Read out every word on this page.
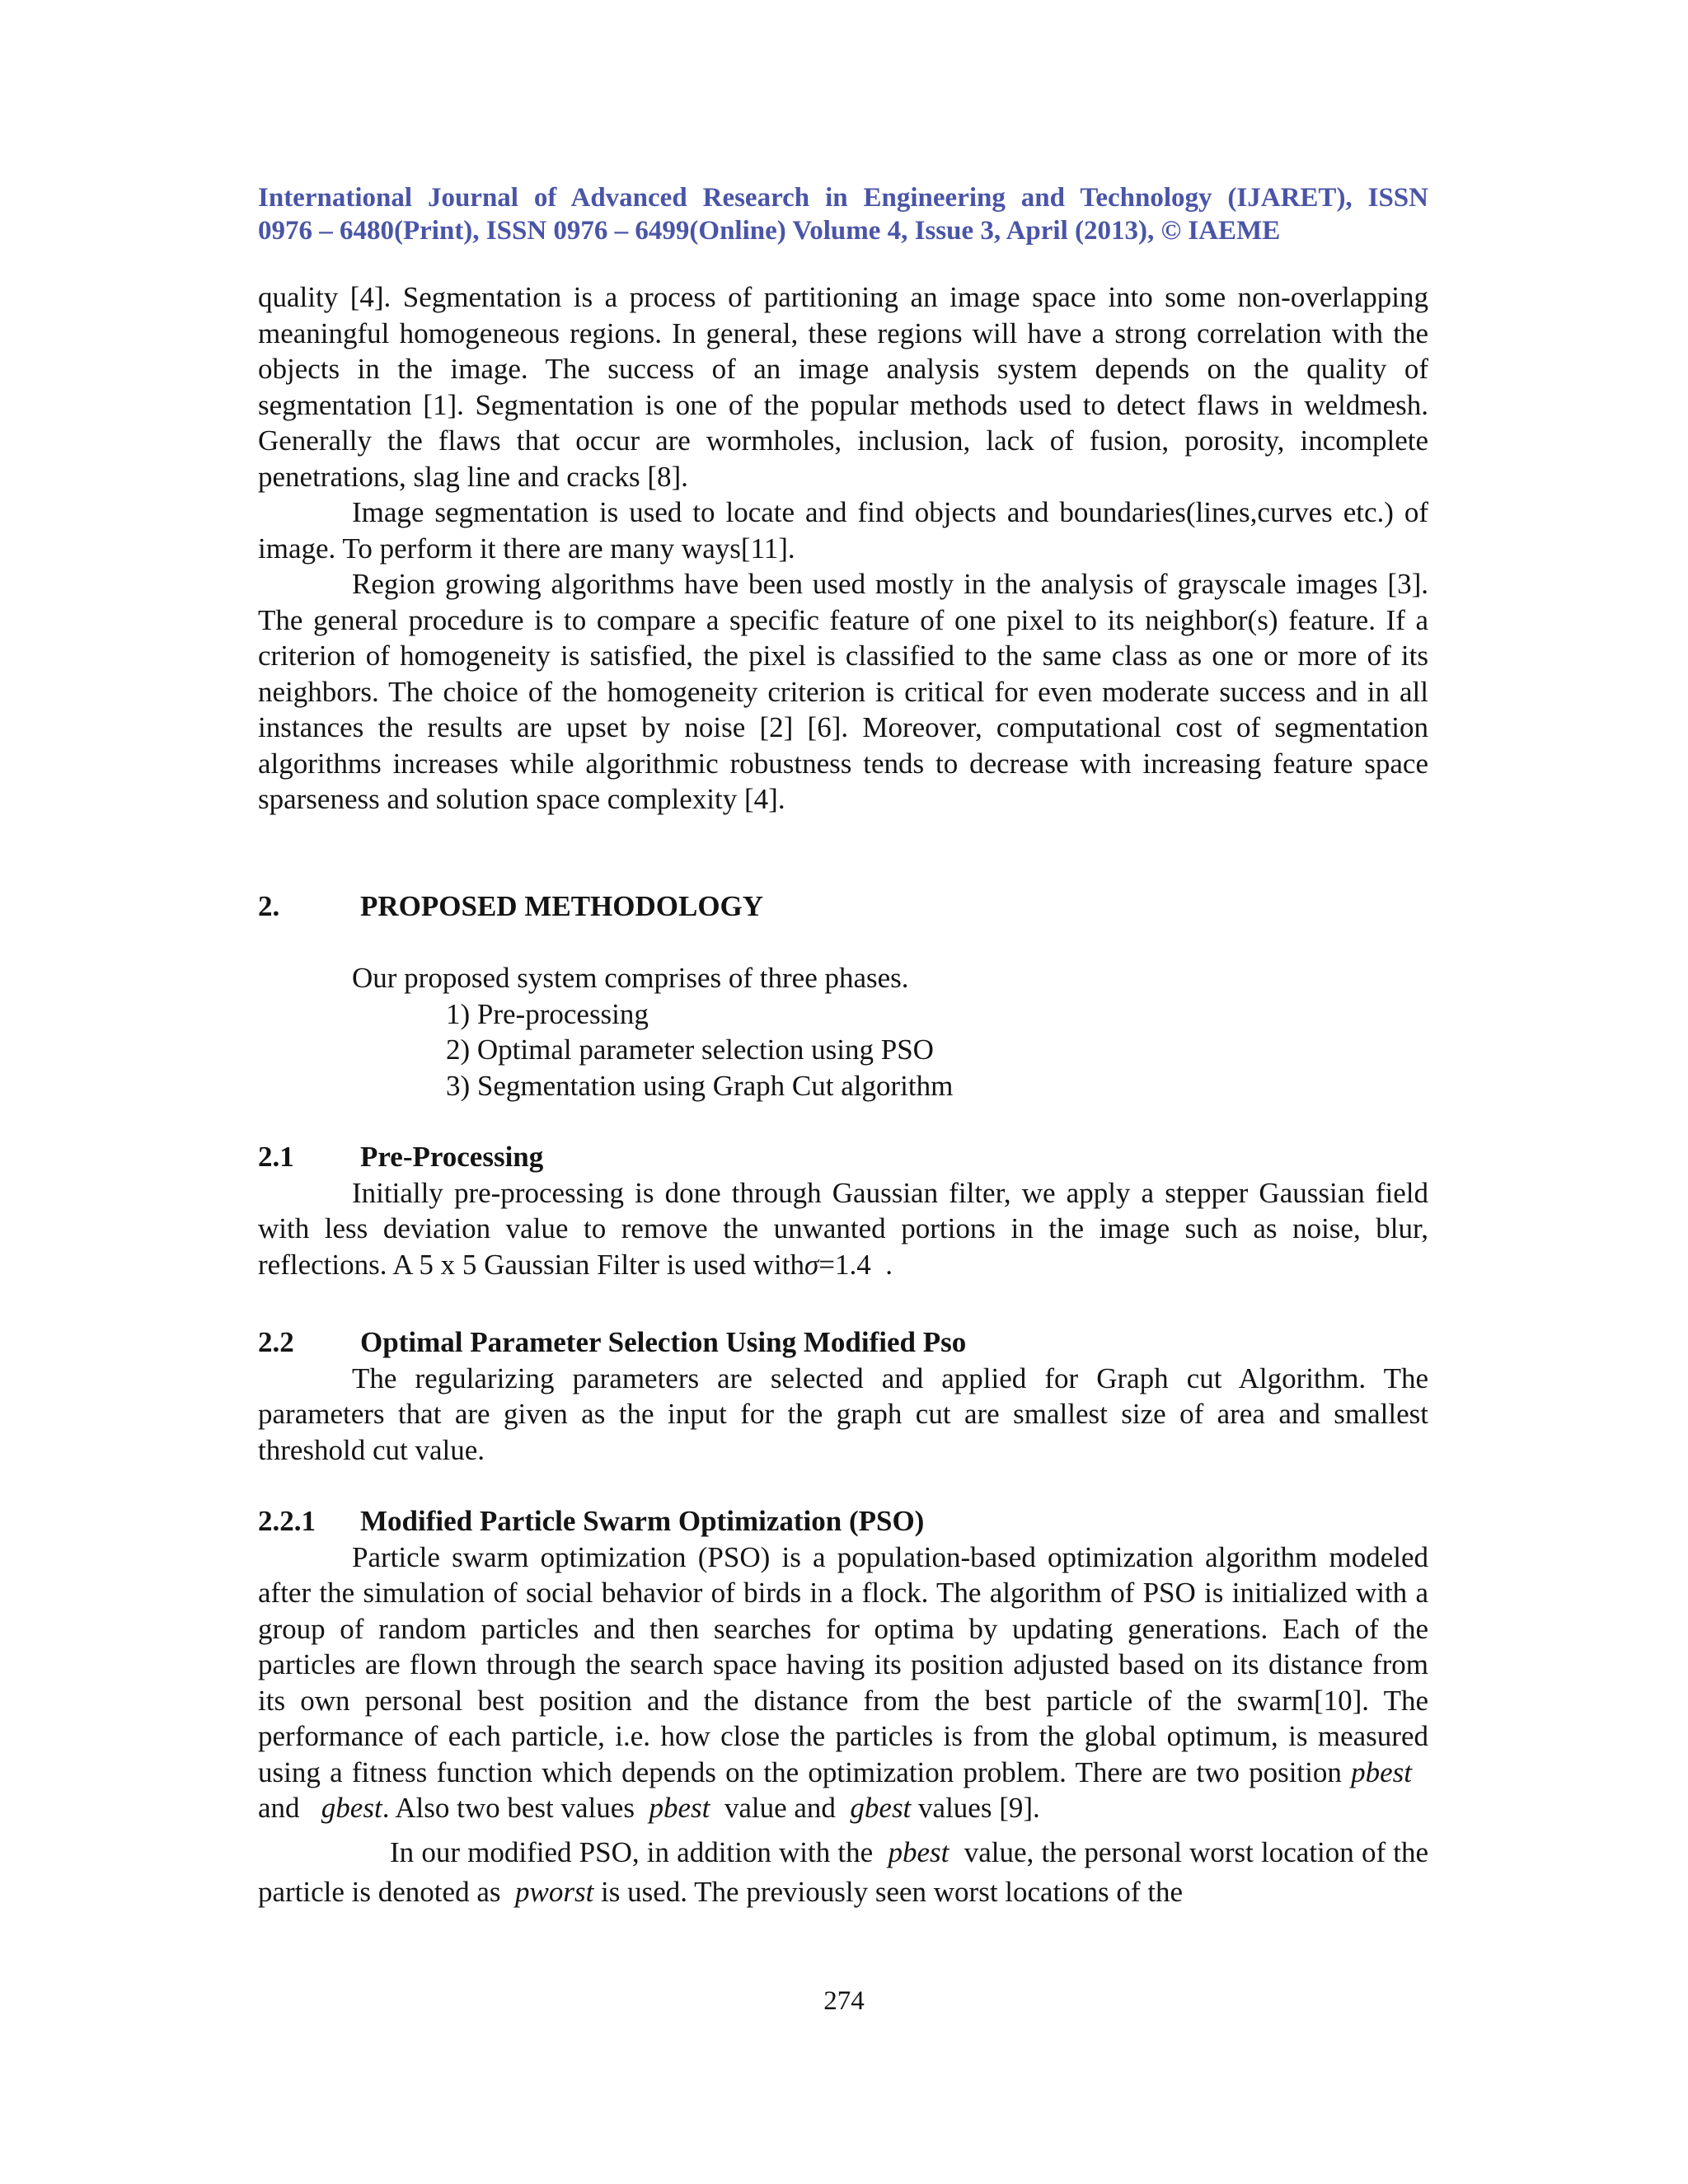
International Journal of Advanced Research in Engineering and Technology (IJARET), ISSN
0976 – 6480(Print), ISSN 0976 – 6499(Online) Volume 4, Issue 3, April (2013), © IAEME

quality [4]. Segmentation is a process of partitioning an image space into some non-overlapping meaningful homogeneous regions. In general, these regions will have a strong correlation with the objects in the image. The success of an image analysis system depends on the quality of segmentation [1]. Segmentation is one of the popular methods used to detect flaws in weldmesh. Generally the flaws that occur are wormholes, inclusion, lack of fusion, porosity, incomplete penetrations, slag line and cracks [8].

Image segmentation is used to locate and find objects and boundaries(lines,curves etc.) of image. To perform it there are many ways[11].

Region growing algorithms have been used mostly in the analysis of grayscale images [3]. The general procedure is to compare a specific feature of one pixel to its neighbor(s) feature. If a criterion of homogeneity is satisfied, the pixel is classified to the same class as one or more of its neighbors. The choice of the homogeneity criterion is critical for even moderate success and in all instances the results are upset by noise [2] [6]. Moreover, computational cost of segmentation algorithms increases while algorithmic robustness tends to decrease with increasing feature space sparseness and solution space complexity [4].

2.	PROPOSED METHODOLOGY

Our proposed system comprises of three phases.

1) Pre-processing

2) Optimal parameter selection using PSO

3) Segmentation using Graph Cut algorithm

2.1 Pre-Processing

Initially pre-processing is done through Gaussian filter, we apply a stepper Gaussian field with less deviation value to remove the unwanted portions in the image such as noise, blur, reflections. A 5 x 5 Gaussian Filter is used withσ=1.4 .

2.2 Optimal Parameter Selection Using Modified Pso

The regularizing parameters are selected and applied for Graph cut Algorithm. The parameters that are given as the input for the graph cut are smallest size of area and smallest threshold cut value.

2.2.1 Modified Particle Swarm Optimization (PSO)

Particle swarm optimization (PSO) is a population-based optimization algorithm modeled after the simulation of social behavior of birds in a flock. The algorithm of PSO is initialized with a group of random particles and then searches for optima by updating generations. Each of the particles are flown through the search space having its position adjusted based on its distance from its own personal best position and the distance from the best particle of the swarm[10]. The performance of each particle, i.e. how close the particles is from the global optimum, is measured using a fitness function which depends on the optimization problem. There are two position pbest   and gbest. Also two best values pbest value and gbest values [9].

In our modified PSO, in addition with the pbest value, the personal worst location of the particle is denoted as pworst is used. The previously seen worst locations of the

274
